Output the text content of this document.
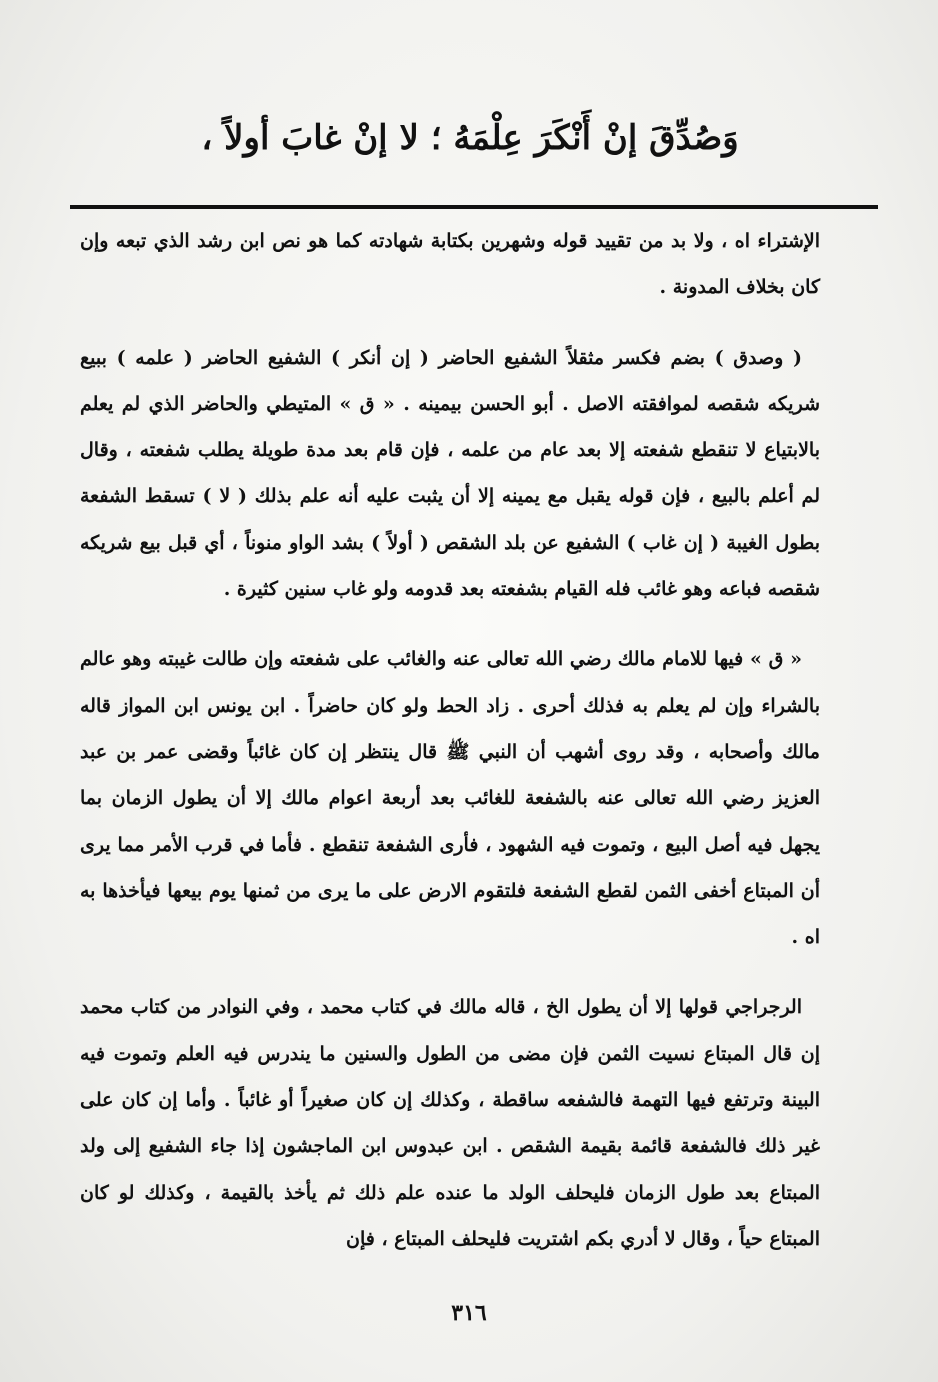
وَصُدِّقَ إنْ أَنْكَرَ عِلْمَهُ ؛ لا إنْ غابَ أولاً ،

الإشتراء اه ، ولا بد من تقييد قوله وشهرين بكتابة شهادته كما هو نص ابن رشد الذي تبعه وإن كان بخلاف المدونة .

( وصدق ) بضم فكسر مثقلاً الشفيع الحاضر ( إن أنكر ) الشفيع الحاضر ( علمه ) ببيع شريكه شقصه لموافقته الاصل . أبو الحسن بيمينه . « ق » المتيطي والحاضر الذي لم يعلم بالابتياع لا تنقطع شفعته إلا بعد عام من علمه ، فإن قام بعد مدة طويلة يطلب شفعته ، وقال لم أعلم بالبيع ، فإن قوله يقبل مع يمينه إلا أن يثبت عليه أنه علم بذلك ( لا ) تسقط الشفعة بطول الغيبة ( إن غاب ) الشفيع عن بلد الشقص ( أولاً ) بشد الواو منوناً ، أي قبل بيع شريكه شقصه فباعه وهو غائب فله القيام بشفعته بعد قدومه ولو غاب سنين كثيرة .

« ق » فيها للامام مالك رضي الله تعالى عنه والغائب على شفعته وإن طالت غيبته وهو عالم بالشراء وإن لم يعلم به فذلك أحرى . زاد الحط ولو كان حاضراً . ابن يونس ابن المواز قاله مالك وأصحابه ، وقد روى أشهب أن النبي ﷺ قال ينتظر إن كان غائباً وقضى عمر بن عبد العزيز رضي الله تعالى عنه بالشفعة للغائب بعد أربعة اعوام مالك إلا أن يطول الزمان بما يجهل فيه أصل البيع ، وتموت فيه الشهود ، فأرى الشفعة تنقطع . فأما في قرب الأمر مما يرى أن المبتاع أخفى الثمن لقطع الشفعة فلتقوم الارض على ما يرى من ثمنها يوم بيعها فيأخذها به اه .

الرجراجي قولها إلا أن يطول الخ ، قاله مالك في كتاب محمد ، وفي النوادر من كتاب محمد إن قال المبتاع نسيت الثمن فإن مضى من الطول والسنين ما يندرس فيه العلم وتموت فيه البينة وترتفع فيها التهمة فالشفعه ساقطة ، وكذلك إن كان صغيراً أو غائباً . وأما إن كان على غير ذلك فالشفعة قائمة بقيمة الشقص . ابن عبدوس ابن الماجشون إذا جاء الشفيع إلى ولد المبتاع بعد طول الزمان فليحلف الولد ما عنده علم ذلك ثم يأخذ بالقيمة ، وكذلك لو كان المبتاع حياً ، وقال لا أدري بكم اشتريت فليحلف المبتاع ، فإن

٣١٦
